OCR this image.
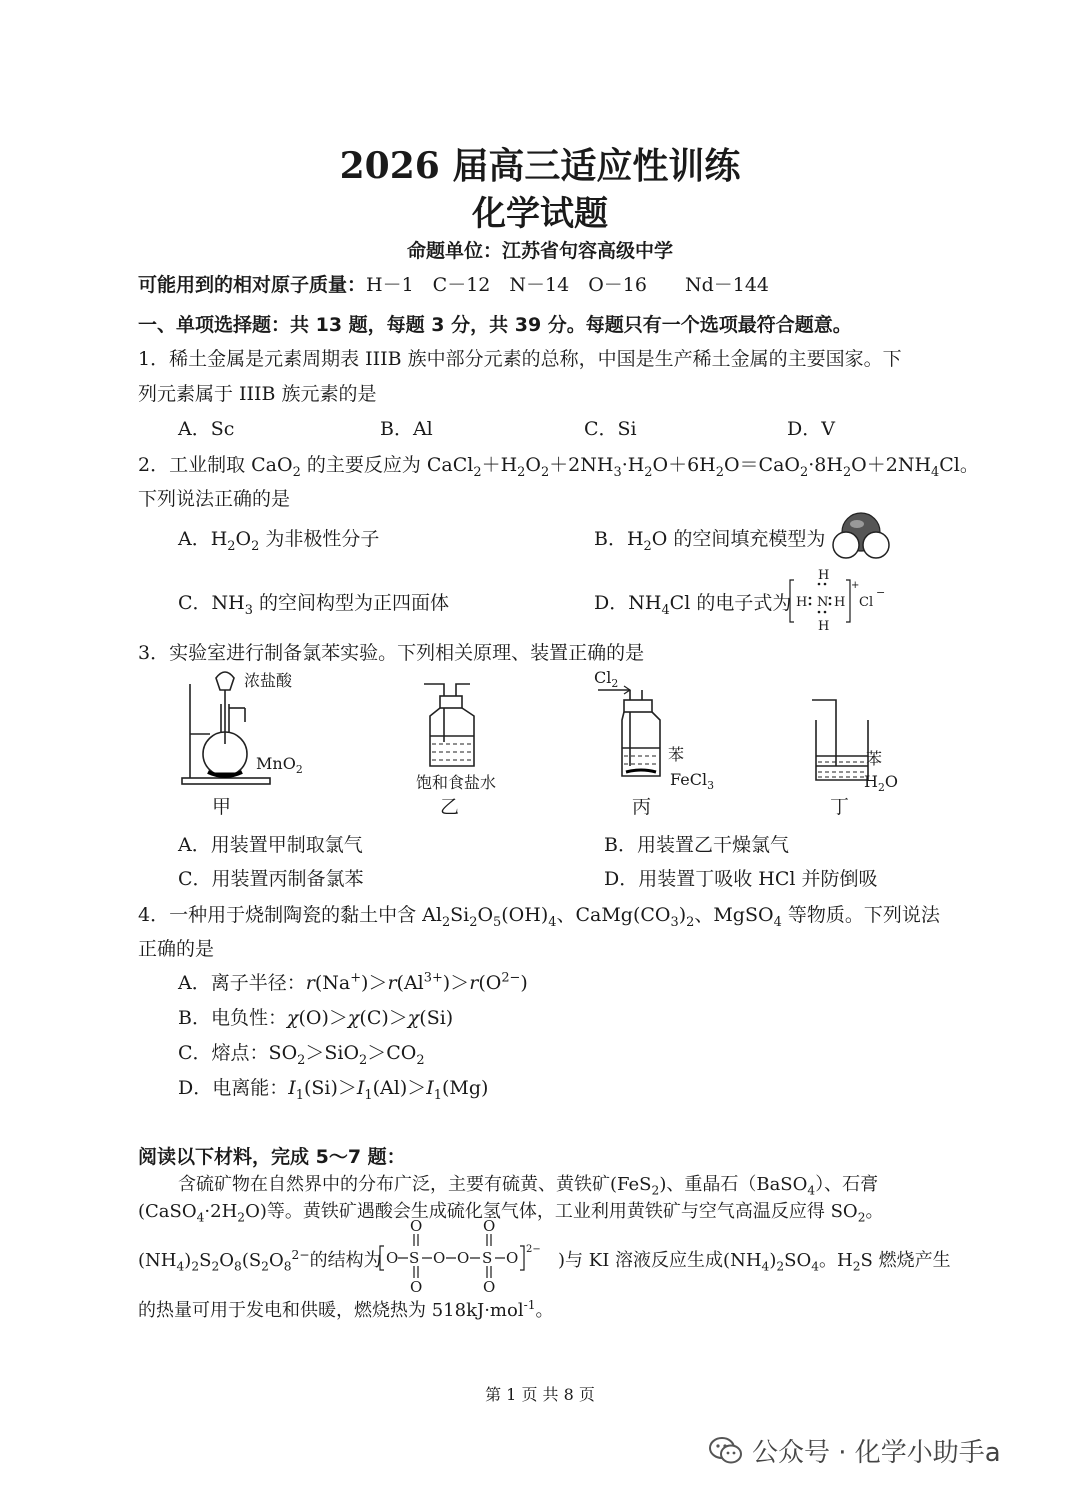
2026 届高三适应性训练
化学试题
命题单位：江苏省句容高级中学
可能用到的相对原子质量：H－1　C－12　N－14　O－16　　Nd－144
一、单项选择题：共 13 题，每题 3 分，共 39 分。每题只有一个选项最符合题意。
1．稀土金属是元素周期表 IIIB 族中部分元素的总称，中国是生产稀土金属的主要国家。下
列元素属于 IIIB 族元素的是
A．Sc	B．Al	C．Si	D．V
2．工业制取 CaO$_2$ 的主要反应为 $CaCl_2+H_2O_2+2NH_3\cdot H_2O+6H_2O=CaO_2\cdot 8H_2O+2NH_4Cl$。
下列说法正确的是
A．$H_2O_2$ 为非极性分子	B．$H_2O$ 的空间填充模型为
C．$NH_3$ 的空间构型为正四面体	D．$NH_4Cl$ 的电子式为 H N H
+
H
H
Cl
−
3．实验室进行制备氯苯实验。下列相关原理、装置正确的是
浓盐酸
MnO$_2$
甲
饱和食盐水
乙
$Cl_2$
苯
FeCl$_3$
丙
苯
$H_2O$
丁
A．用装置甲制取氯气	B．用装置乙干燥氯气
C．用装置丙制备氯苯	D．用装置丁吸收 HCl 并防倒吸
4．一种用于烧制陶瓷的黏土中含 $Al_2Si_2O_5(OH)_4$、$CaMg(CO_3)_2$、MgSO$_4$ 等物质。下列说法
正确的是
A．离子半径：$r(Na^+)>r(Al^{3+})>r(O^{2-})$
B．电负性：χ(O)＞χ(C)＞χ(Si)
C．熔点：$SO_2>SiO_2>CO_2$
D．电离能：$I_1(Si)>I_1(Al)>I_1(Mg)$
阅读以下材料，完成 5～7 题：
含硫矿物在自然界中的分布广泛，主要有硫黄、黄铁矿(FeS$_2$)、重晶石（BaSO$_4$）、石膏
$(CaSO_4\cdot 2H_2O)$等。黄铁矿遇酸会生成硫化氢气体，工业利用黄铁矿与空气高温反应得 $SO_2$。
$(NH_4)_2S_2O_8(S_2O_8^{2-}$的结构为 O S
O
O
O O S
O
O
O 2−
)与 KI 溶液反应生成$(NH_4)_2SO_4$。$H_2S$ 燃烧产生
的热量可用于发电和供暖，燃烧热为 518kJ·mol$^{-1}$。
第 1 页 共 8 页
公众号 · 化学小助手a
